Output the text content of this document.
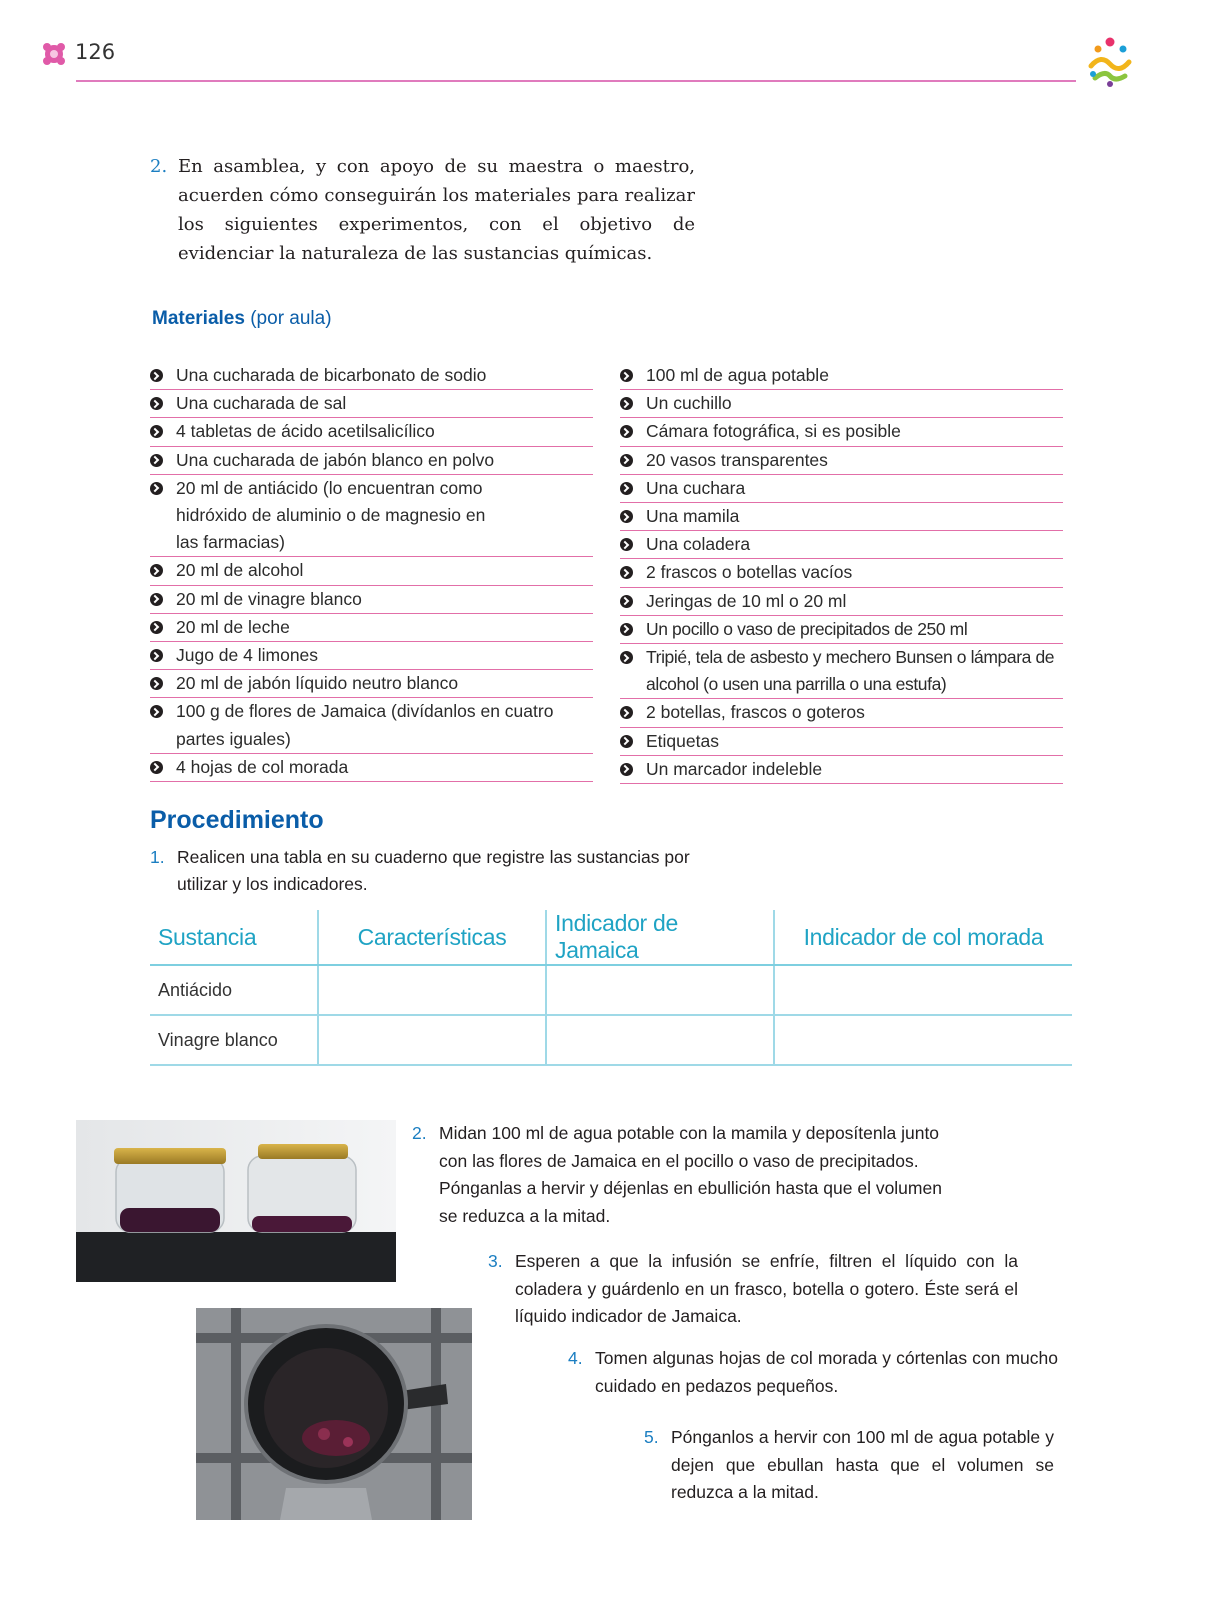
126
2. En asamblea, y con apoyo de su maestra o maestro, acuerden cómo conseguirán los materiales para realizar los siguientes experimentos, con el objetivo de evidenciar la naturaleza de las sustancias químicas.
Materiales (por aula)
Una cucharada de bicarbonato de sodio
Una cucharada de sal
4 tabletas de ácido acetilsalicílico
Una cucharada de jabón blanco en polvo
20 ml de antiácido (lo encuentran como hidróxido de aluminio o de magnesio en las farmacias)
20 ml de alcohol
20 ml de vinagre blanco
20 ml de leche
Jugo de 4 limones
20 ml de jabón líquido neutro blanco
100 g de flores de Jamaica (divídanlos en cuatro partes iguales)
4 hojas de col morada
100 ml de agua potable
Un cuchillo
Cámara fotográfica, si es posible
20 vasos transparentes
Una cuchara
Una mamila
Una coladera
2 frascos o botellas vacíos
Jeringas de 10 ml o 20 ml
Un pocillo o vaso de precipitados de 250 ml
Tripié, tela de asbesto y mechero Bunsen o lámpara de alcohol (o usen una parrilla o una estufa)
2 botellas, frascos o goteros
Etiquetas
Un marcador indeleble
Procedimiento
1. Realicen una tabla en su cuaderno que registre las sustancias por utilizar y los indicadores.
Sustancia	Características	Indicador de Jamaica	Indicador de col morada
Antiácido			
Vinagre blanco			
2. Midan 100 ml de agua potable con la mamila y deposítenla junto con las flores de Jamaica en el pocillo o vaso de precipitados. Pónganlas a hervir y déjenlas en ebullición hasta que el volumen se reduzca a la mitad.
3. Esperen a que la infusión se enfríe, filtren el líquido con la coladera y guárdenlo en un frasco, botella o gotero. Éste será el líquido indicador de Jamaica.
4. Tomen algunas hojas de col morada y córtenlas con mucho cuidado en pedazos pequeños.
5. Pónganlos a hervir con 100 ml de agua potable y dejen que ebullan hasta que el volumen se reduzca a la mitad.
